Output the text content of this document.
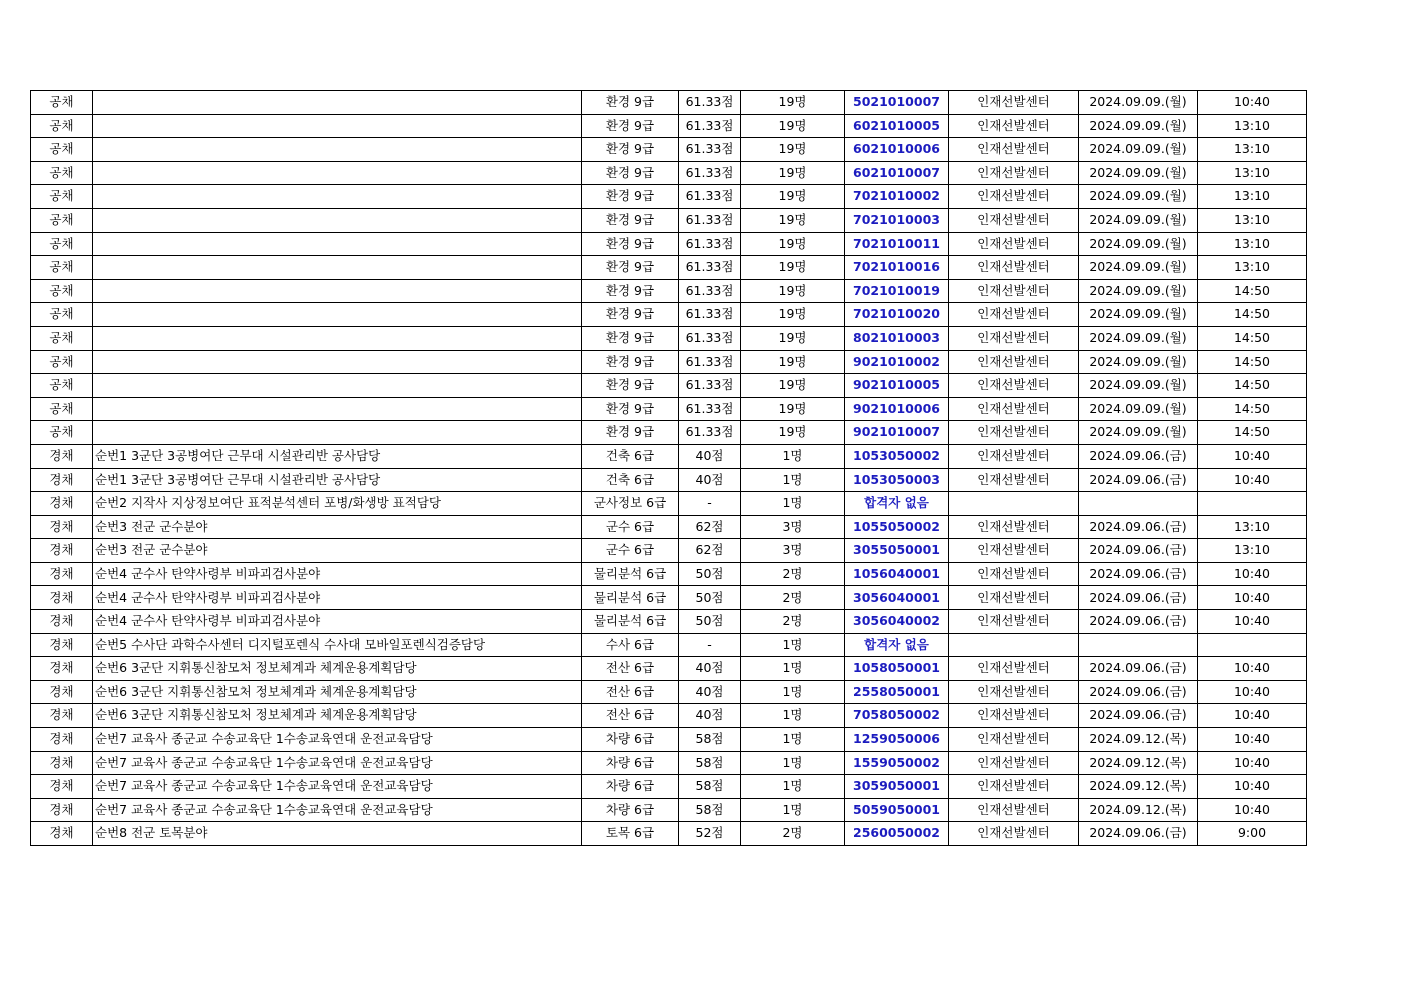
공채		환경 9급	61.33점	19명	5021010007	인재선발센터	2024.09.09.(월)	10:40
공채		환경 9급	61.33점	19명	6021010005	인재선발센터	2024.09.09.(월)	13:10
공채		환경 9급	61.33점	19명	6021010006	인재선발센터	2024.09.09.(월)	13:10
공채		환경 9급	61.33점	19명	6021010007	인재선발센터	2024.09.09.(월)	13:10
공채		환경 9급	61.33점	19명	7021010002	인재선발센터	2024.09.09.(월)	13:10
공채		환경 9급	61.33점	19명	7021010003	인재선발센터	2024.09.09.(월)	13:10
공채		환경 9급	61.33점	19명	7021010011	인재선발센터	2024.09.09.(월)	13:10
공채		환경 9급	61.33점	19명	7021010016	인재선발센터	2024.09.09.(월)	13:10
공채		환경 9급	61.33점	19명	7021010019	인재선발센터	2024.09.09.(월)	14:50
공채		환경 9급	61.33점	19명	7021010020	인재선발센터	2024.09.09.(월)	14:50
공채		환경 9급	61.33점	19명	8021010003	인재선발센터	2024.09.09.(월)	14:50
공채		환경 9급	61.33점	19명	9021010002	인재선발센터	2024.09.09.(월)	14:50
공채		환경 9급	61.33점	19명	9021010005	인재선발센터	2024.09.09.(월)	14:50
공채		환경 9급	61.33점	19명	9021010006	인재선발센터	2024.09.09.(월)	14:50
공채		환경 9급	61.33점	19명	9021010007	인재선발센터	2024.09.09.(월)	14:50
경채	순번1 3군단 3공병여단 근무대 시설관리반 공사담당	건축 6급	40점	1명	1053050002	인재선발센터	2024.09.06.(금)	10:40
경채	순번1 3군단 3공병여단 근무대 시설관리반 공사담당	건축 6급	40점	1명	1053050003	인재선발센터	2024.09.06.(금)	10:40
경채	순번2 지작사 지상정보여단 표적분석센터 포병/화생방 표적담당	군사정보 6급	-	1명	합격자 없음			
경채	순번3 전군 군수분야	군수 6급	62점	3명	1055050002	인재선발센터	2024.09.06.(금)	13:10
경채	순번3 전군 군수분야	군수 6급	62점	3명	3055050001	인재선발센터	2024.09.06.(금)	13:10
경채	순번4 군수사 탄약사령부 비파괴검사분야	물리분석 6급	50점	2명	1056040001	인재선발센터	2024.09.06.(금)	10:40
경채	순번4 군수사 탄약사령부 비파괴검사분야	물리분석 6급	50점	2명	3056040001	인재선발센터	2024.09.06.(금)	10:40
경채	순번4 군수사 탄약사령부 비파괴검사분야	물리분석 6급	50점	2명	3056040002	인재선발센터	2024.09.06.(금)	10:40
경채	순번5 수사단 과학수사센터 디지털포렌식 수사대 모바일포렌식검증담당	수사 6급	-	1명	합격자 없음			
경채	순번6 3군단 지휘통신참모처 정보체계과 체계운용계획담당	전산 6급	40점	1명	1058050001	인재선발센터	2024.09.06.(금)	10:40
경채	순번6 3군단 지휘통신참모처 정보체계과 체계운용계획담당	전산 6급	40점	1명	2558050001	인재선발센터	2024.09.06.(금)	10:40
경채	순번6 3군단 지휘통신참모처 정보체계과 체계운용계획담당	전산 6급	40점	1명	7058050002	인재선발센터	2024.09.06.(금)	10:40
경채	순번7 교육사 종군교 수송교육단 1수송교육연대 운전교육담당	차량 6급	58점	1명	1259050006	인재선발센터	2024.09.12.(목)	10:40
경채	순번7 교육사 종군교 수송교육단 1수송교육연대 운전교육담당	차량 6급	58점	1명	1559050002	인재선발센터	2024.09.12.(목)	10:40
경채	순번7 교육사 종군교 수송교육단 1수송교육연대 운전교육담당	차량 6급	58점	1명	3059050001	인재선발센터	2024.09.12.(목)	10:40
경채	순번7 교육사 종군교 수송교육단 1수송교육연대 운전교육담당	차량 6급	58점	1명	5059050001	인재선발센터	2024.09.12.(목)	10:40
경채	순번8 전군 토목분야	토목 6급	52점	2명	2560050002	인재선발센터	2024.09.06.(금)	9:00
